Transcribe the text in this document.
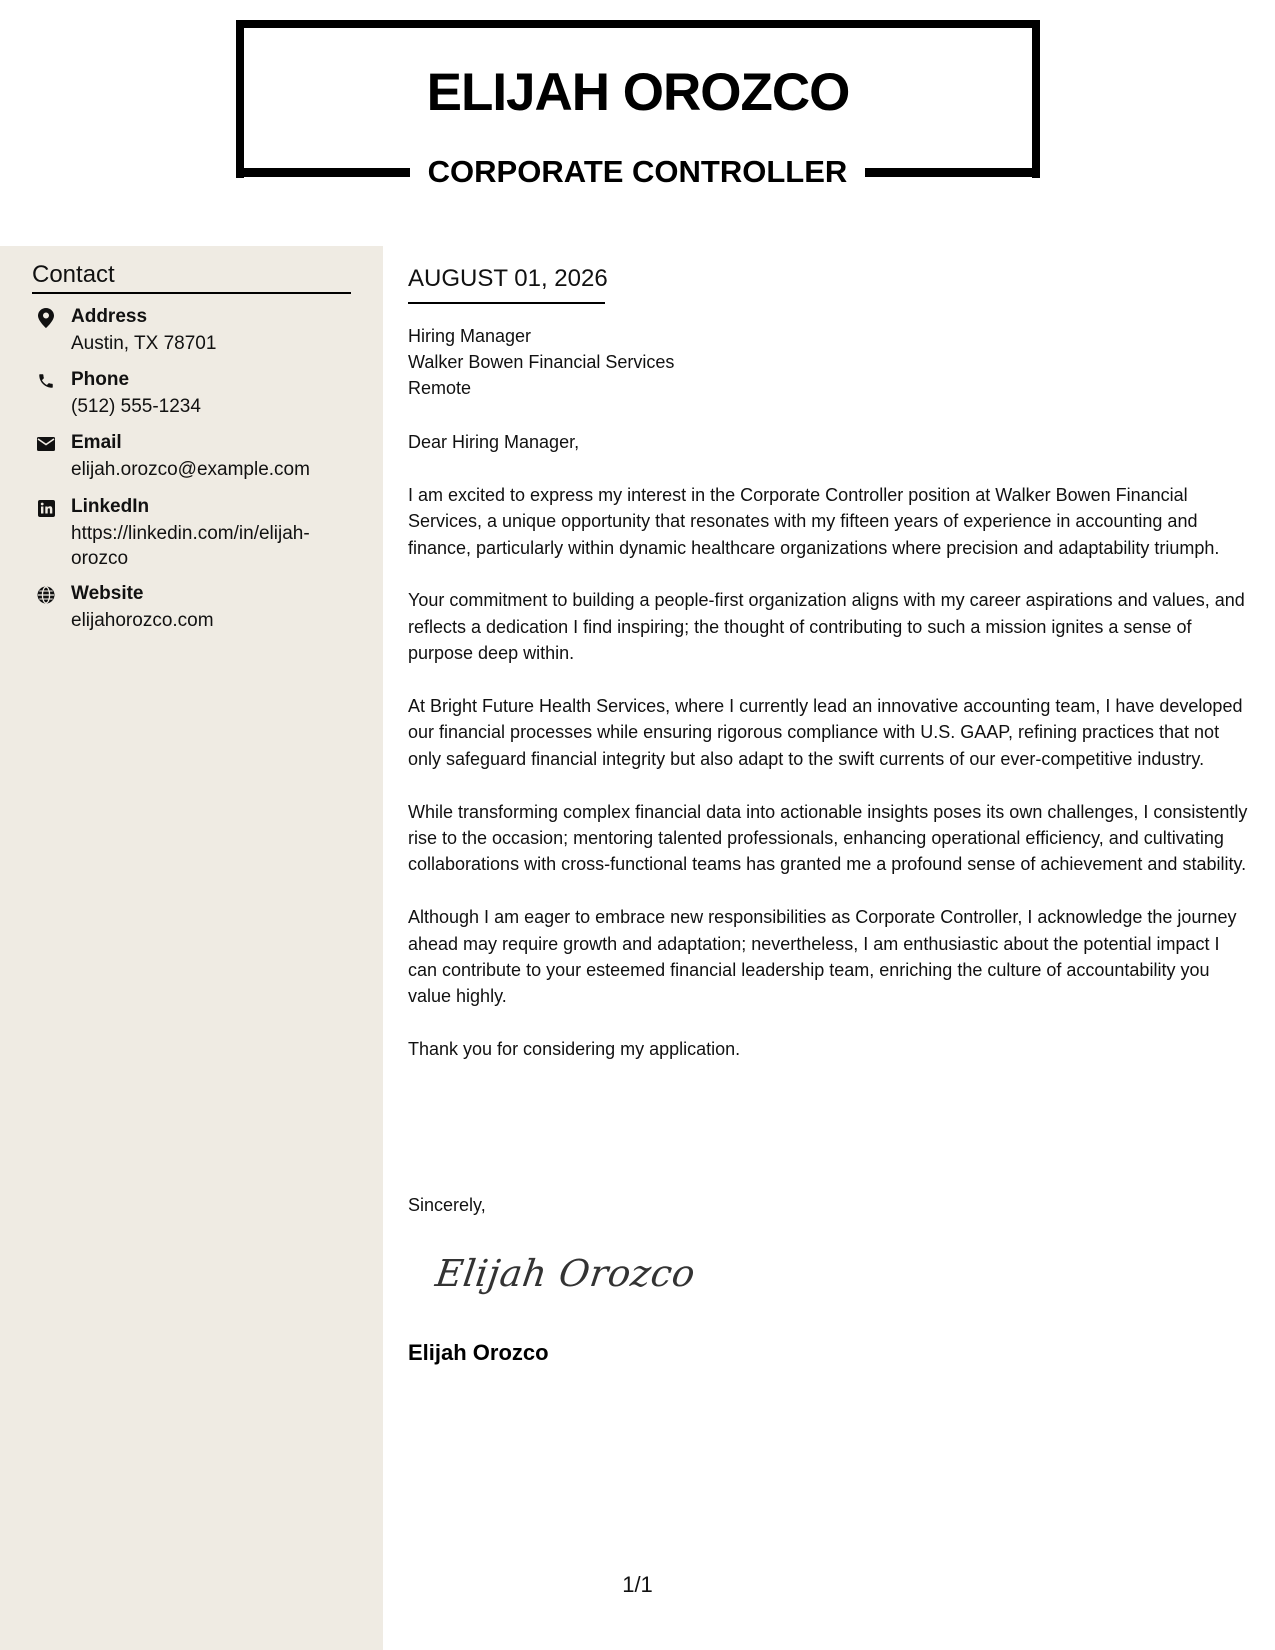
ELIJAH OROZCO
CORPORATE CONTROLLER
Contact
Address
Austin, TX 78701
Phone
(512) 555-1234
Email
elijah.orozco@example.com
LinkedIn
https://linkedin.com/in/elijah-orozco
Website
elijahorozco.com
AUGUST 01, 2026
Hiring Manager
Walker Bowen Financial Services
Remote

Dear Hiring Manager,

I am excited to express my interest in the Corporate Controller position at Walker Bowen Financial Services, a unique opportunity that resonates with my fifteen years of experience in accounting and finance, particularly within dynamic healthcare organizations where precision and adaptability triumph.

Your commitment to building a people-first organization aligns with my career aspirations and values, and reflects a dedication I find inspiring; the thought of contributing to such a mission ignites a sense of purpose deep within.

At Bright Future Health Services, where I currently lead an innovative accounting team, I have developed our financial processes while ensuring rigorous compliance with U.S. GAAP, refining practices that not only safeguard financial integrity but also adapt to the swift currents of our ever-competitive industry.

While transforming complex financial data into actionable insights poses its own challenges, I consistently rise to the occasion; mentoring talented professionals, enhancing operational efficiency, and cultivating collaborations with cross-functional teams has granted me a profound sense of achievement and stability.

Although I am eager to embrace new responsibilities as Corporate Controller, I acknowledge the journey ahead may require growth and adaptation; nevertheless, I am enthusiastic about the potential impact I can contribute to your esteemed financial leadership team, enriching the culture of accountability you value highly.

Thank you for considering my application.

Sincerely,
Elijah Orozco
Elijah Orozco
1/1
